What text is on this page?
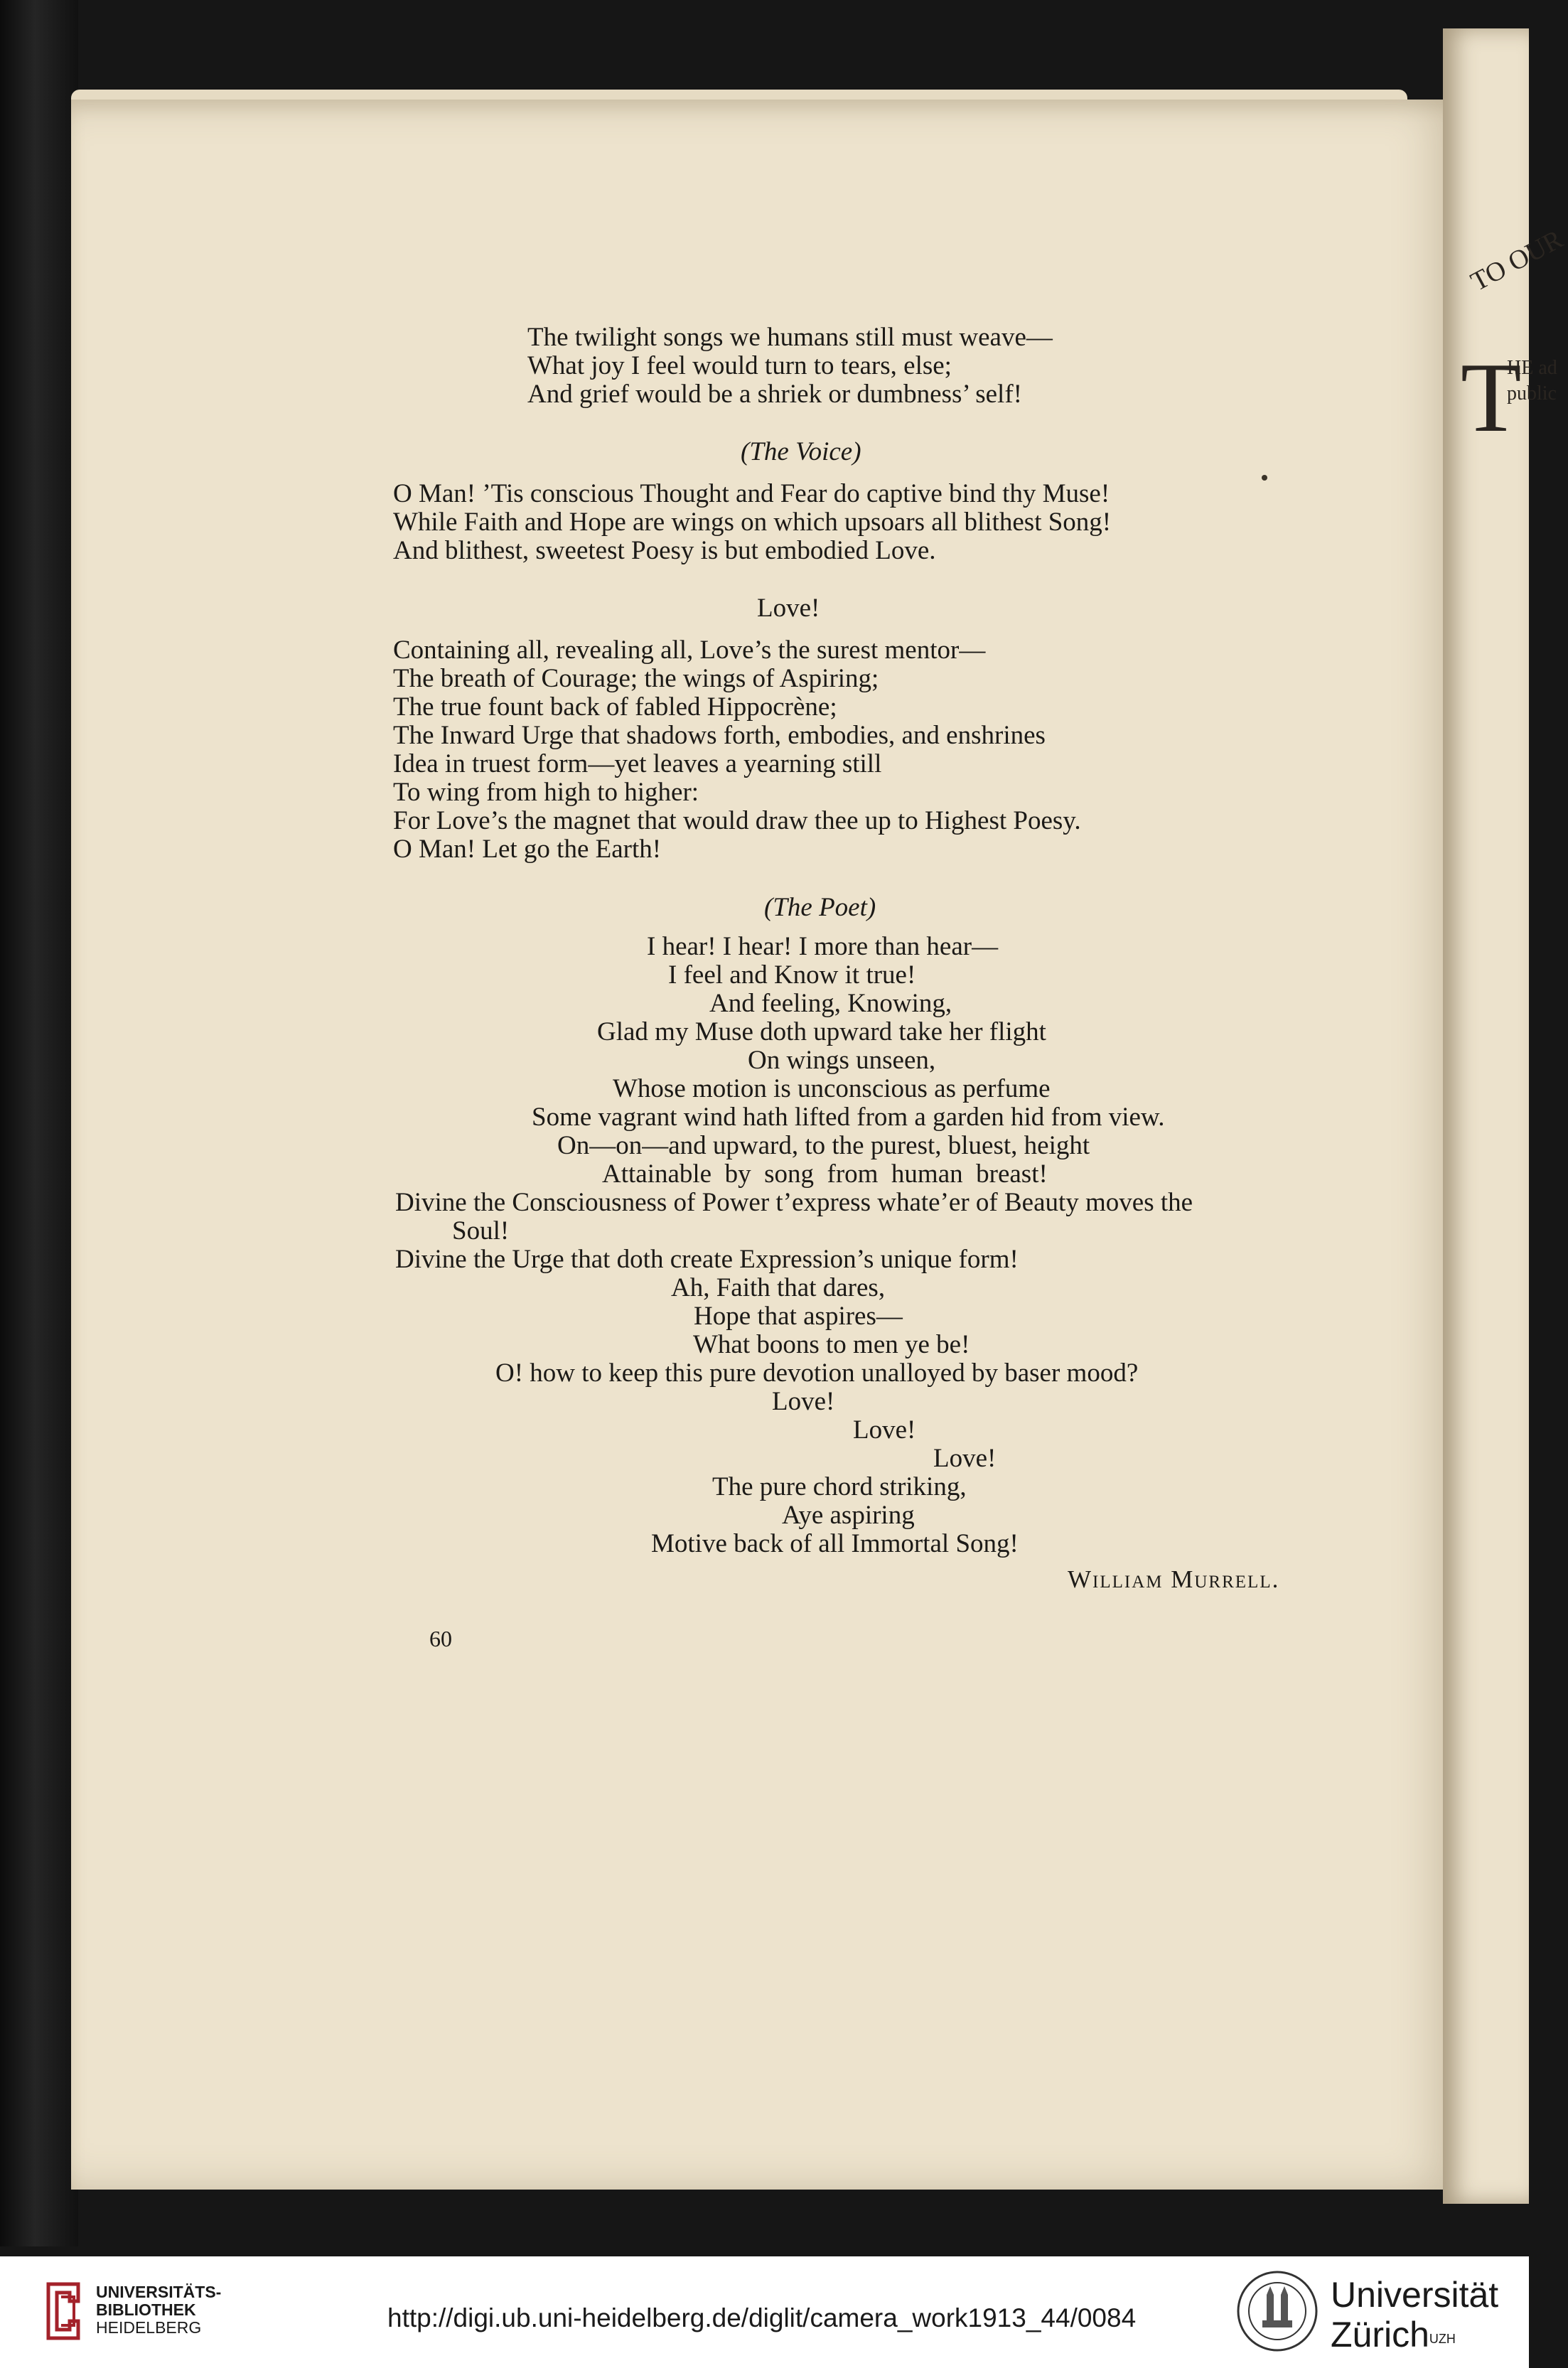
TO OUR
T
HE ad
public
The twilight songs we humans still must weave—
What joy I feel would turn to tears, else;
And grief would be a shriek or dumbness’ self!
(The Voice)
O Man! ’Tis conscious Thought and Fear do captive bind thy Muse!
While Faith and Hope are wings on which upsoars all blithest Song!
And blithest, sweetest Poesy is but embodied Love.
Love!
Containing all, revealing all, Love’s the surest mentor—
The breath of Courage; the wings of Aspiring;
The true fount back of fabled Hippocrène;
The Inward Urge that shadows forth, embodies, and enshrines
Idea in truest form—yet leaves a yearning still
To wing from high to higher:
For Love’s the magnet that would draw thee up to Highest Poesy.
O Man! Let go the Earth!
(The Poet)
I hear! I hear! I more than hear—
I feel and Know it true!
And feeling, Knowing,
Glad my Muse doth upward take her flight
On wings unseen,
Whose motion is unconscious as perfume
Some vagrant wind hath lifted from a garden hid from view.
On—on—and upward, to the purest, bluest, height
Attainable  by  song  from  human  breast!
Divine the Consciousness of Power t’express whate’er of Beauty moves the
Soul!
Divine the Urge that doth create Expression’s unique form!
Ah, Faith that dares,
Hope that aspires—
What boons to men ye be!
O! how to keep this pure devotion unalloyed by baser mood?
Love!
Love!
Love!
The pure chord striking,
Aye aspiring
Motive back of all Immortal Song!
William Murrell.
60
UNIVERSITÄTS-
BIBLIOTHEK
HEIDELBERG	http://digi.ub.uni-heidelberg.de/diglit/camera_work1913_44/0084
Universität
Zürich$^{UZH}$
